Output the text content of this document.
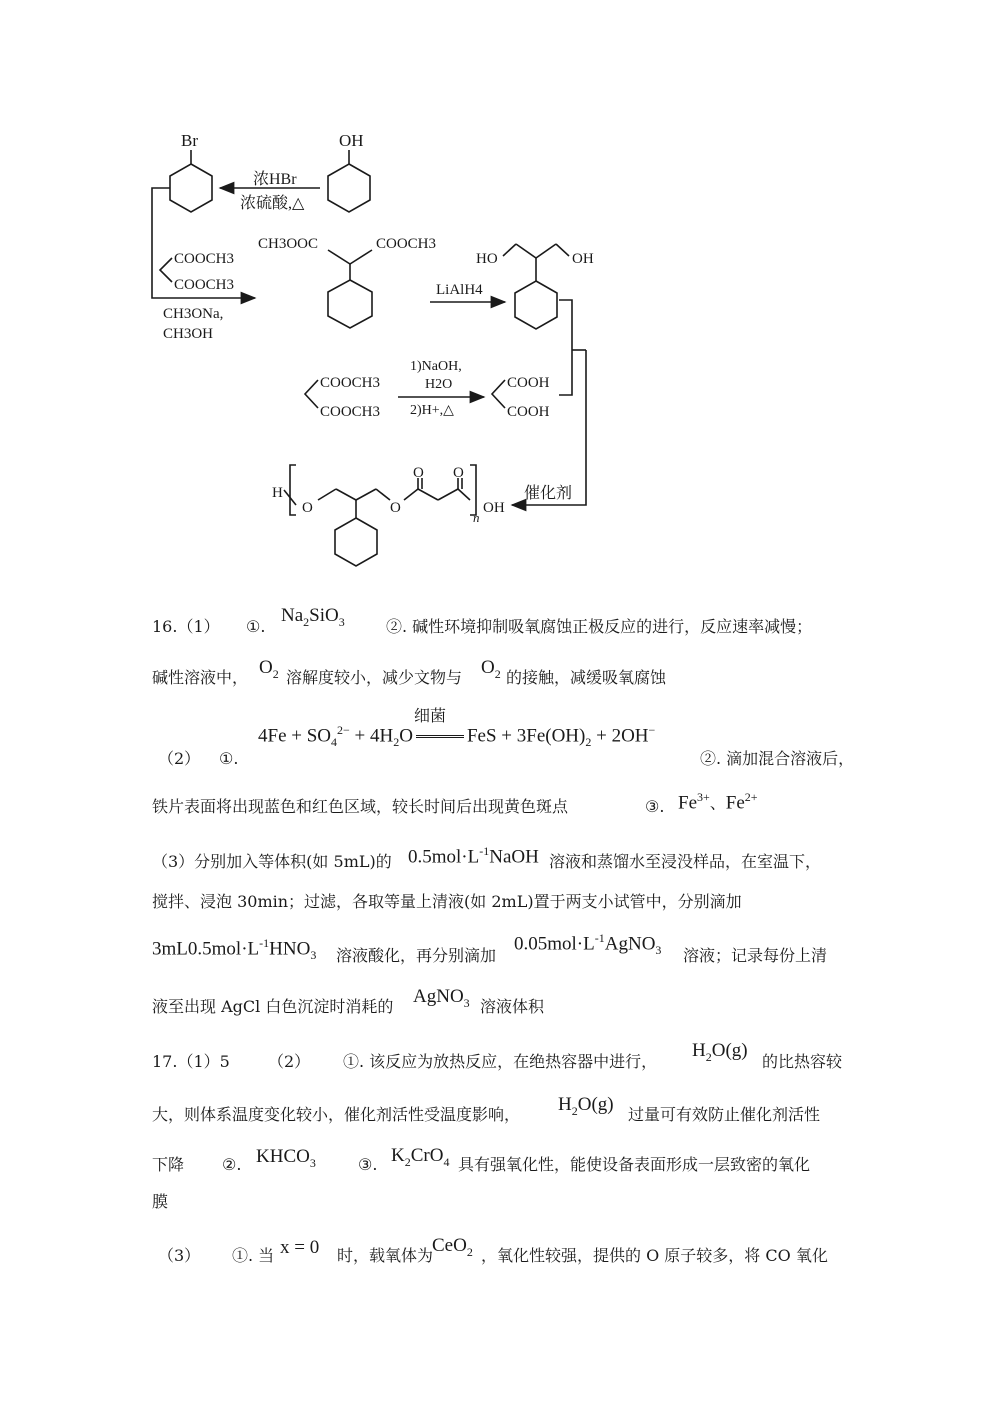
浓HBr
浓硫酸,△
Br	OH
COOCH3
COOCH3
CH3ONa,
CH3OH
CH3OOC	COOCH3
LiAlH4
HO	OH
1)NaOH,
H2O
2)H+,△
COOCH3
COOCH3
COOH
COOH
催化剂
H
O	O
O O
n
OH
16.（1） ①.
$Na_2SiO_3$	②. 碱性环境抑制吸氧腐蚀正极反应的进行，反应速率减慢；
碱性溶液中， $O_2$ 溶解度较小，减少文物与 $O_2$ 的接触，减缓吸氧腐蚀
细菌
$4Fe + SO_4^{2-} + 4H_2O$	FeS + $3Fe(OH)_2 + 2OH^-$
（2） ①.	②. 滴加混合溶液后，
铁片表面将出现蓝色和红色区域，较长时间后出现黄色斑点	③. $Fe^{3+}$、$Fe^{2+}$
（3）分别加入等体积(如 5mL)的 $0.5mol\cdot L^{-1}NaOH$ 溶液和蒸馏水至浸没样品，在室温下，
搅拌、浸泡 30min；过滤，各取等量上清液(如 2mL)置于两支小试管中，分别滴加
$3mL0.5mol\cdot L^{-1}HNO_3$ 溶液酸化，再分别滴加
$0.05mol\cdot L^{-1}AgNO_3$ 溶液；记录每份上清
液至出现 AgCl 白色沉淀时消耗的 AgNO$_3$ 溶液体积
17.（1）5 （2） ①. 该反应为放热反应，在绝热容器中进行，
$H_2O(g)$
的比热容较
大，则体系温度变化较小，催化剂活性受温度影响， $H_2O(g)$ 过量可有效防止催化剂活性
下降 ②. $KHCO_3$	③. $K_2CrO_4$ 具有强氧化性，能使设备表面形成一层致密的氧化
膜
（3） ①. 当 x = 0 时，载氧体为
CeO$_2$ ，氧化性较强，提供的 O 原子较多，将 CO 氧化
